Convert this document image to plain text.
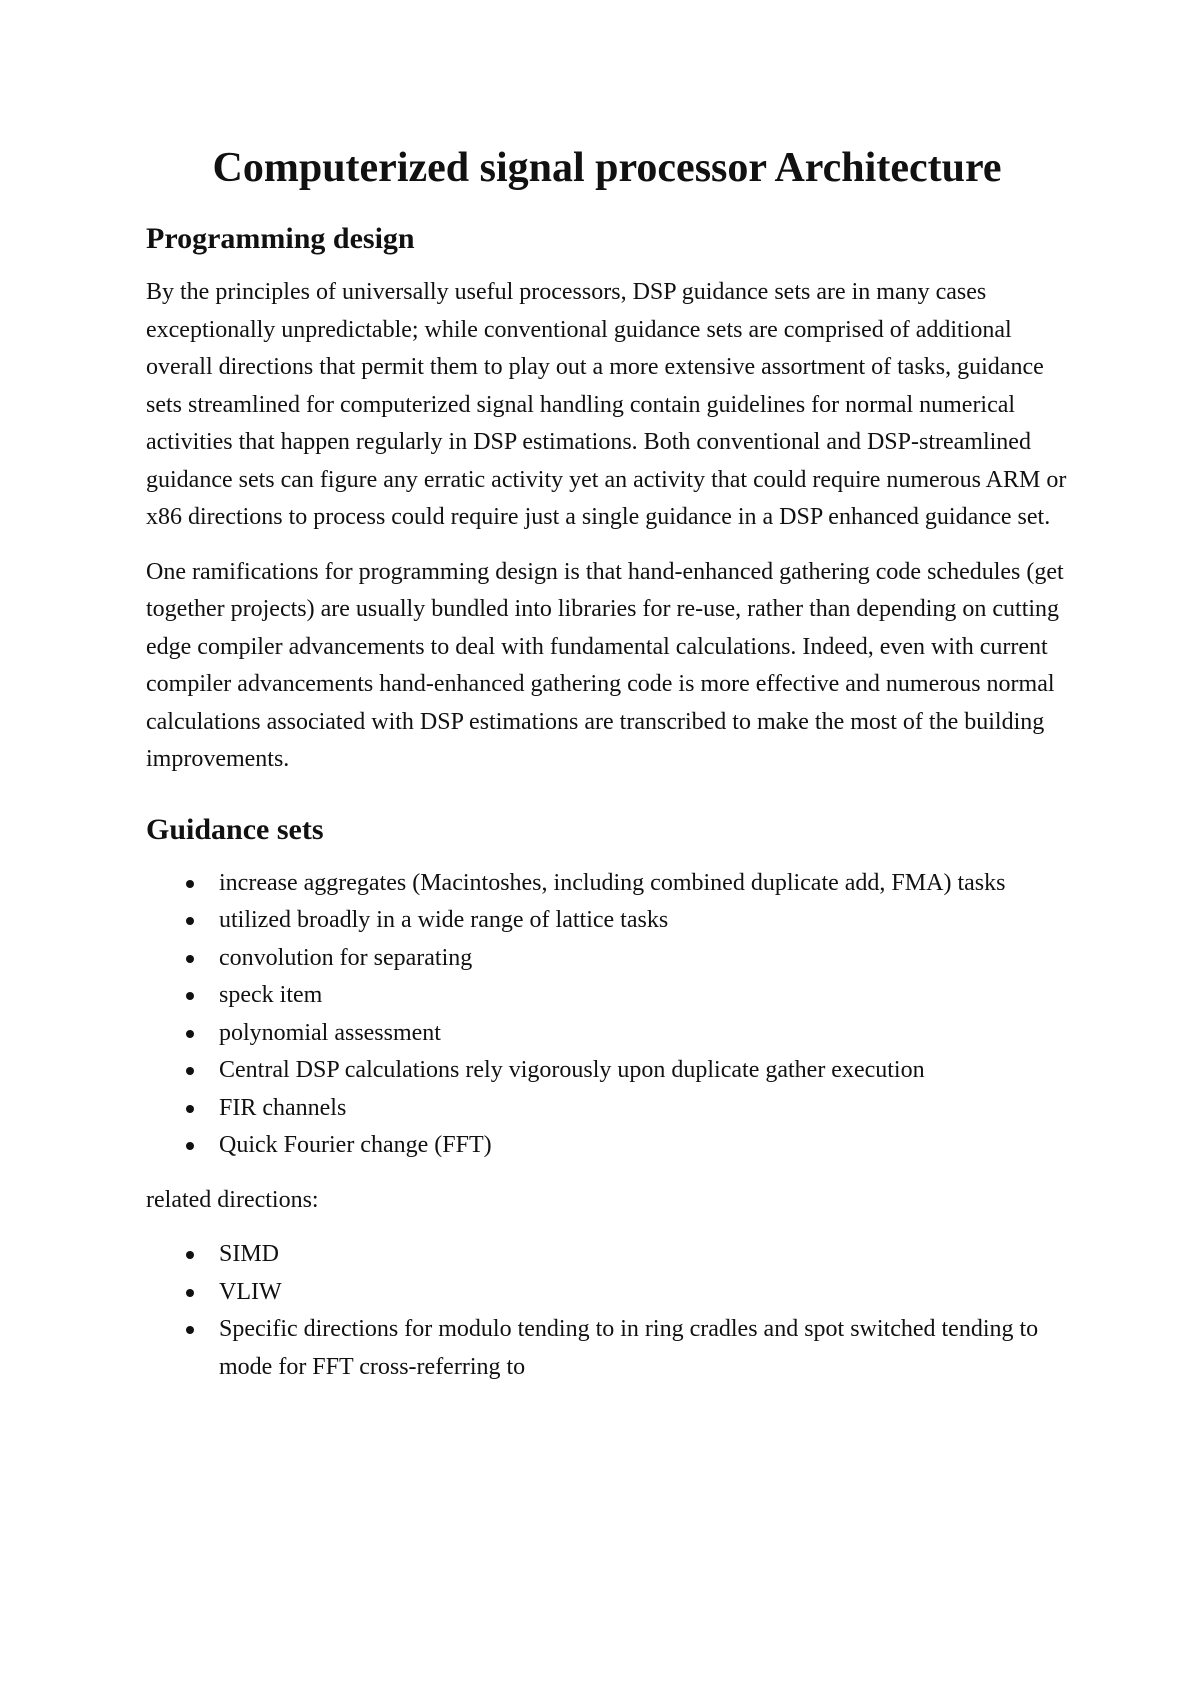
Computerized signal processor Architecture
Programming design

By the principles of universally useful processors, DSP guidance sets are in many cases exceptionally unpredictable; while conventional guidance sets are comprised of additional overall directions that permit them to play out a more extensive assortment of tasks, guidance sets streamlined for computerized signal handling contain guidelines for normal numerical activities that happen regularly in DSP estimations. Both conventional and DSP-streamlined guidance sets can figure any erratic activity yet an activity that could require numerous ARM or x86 directions to process could require just a single guidance in a DSP enhanced guidance set.

One ramifications for programming design is that hand-enhanced gathering code schedules (get together projects) are usually bundled into libraries for re-use, rather than depending on cutting edge compiler advancements to deal with fundamental calculations. Indeed, even with current compiler advancements hand-enhanced gathering code is more effective and numerous normal calculations associated with DSP estimations are transcribed to make the most of the building improvements.

Guidance sets
increase aggregates (Macintoshes, including combined duplicate add, FMA) tasks
utilized broadly in a wide range of lattice tasks
convolution for separating
speck item
polynomial assessment
Central DSP calculations rely vigorously upon duplicate gather execution
FIR channels
Quick Fourier change (FFT)

related directions:

SIMD
VLIW
Specific directions for modulo tending to in ring cradles and spot switched tending to mode for FFT cross-referring to
